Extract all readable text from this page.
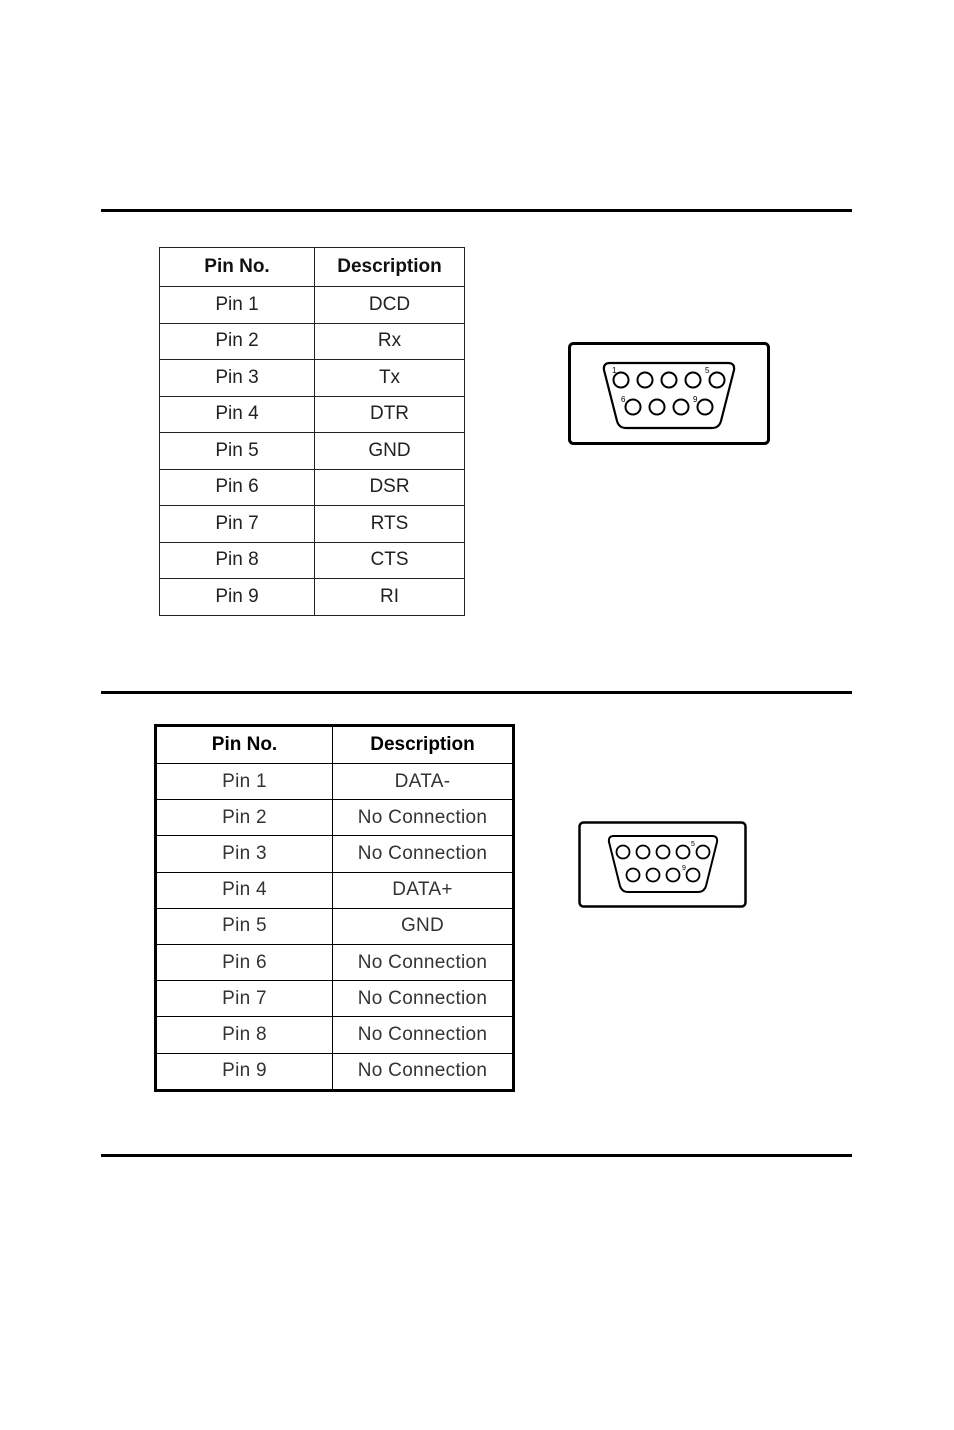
Pin No.	Description
Pin 1	DCD
Pin 2	Rx
Pin 3	Tx
Pin 4	DTR
Pin 5	GND
Pin 6	DSR
Pin 7	RTS
Pin 8	CTS
Pin 9	RI
1	5
6	9
Pin No.	Description
Pin 1	DATA-
Pin 2	No Connection
Pin 3	No Connection
Pin 4	DATA+
Pin 5	GND
Pin 6	No Connection
Pin 7	No Connection
Pin 8	No Connection
Pin 9	No Connection
5
9
